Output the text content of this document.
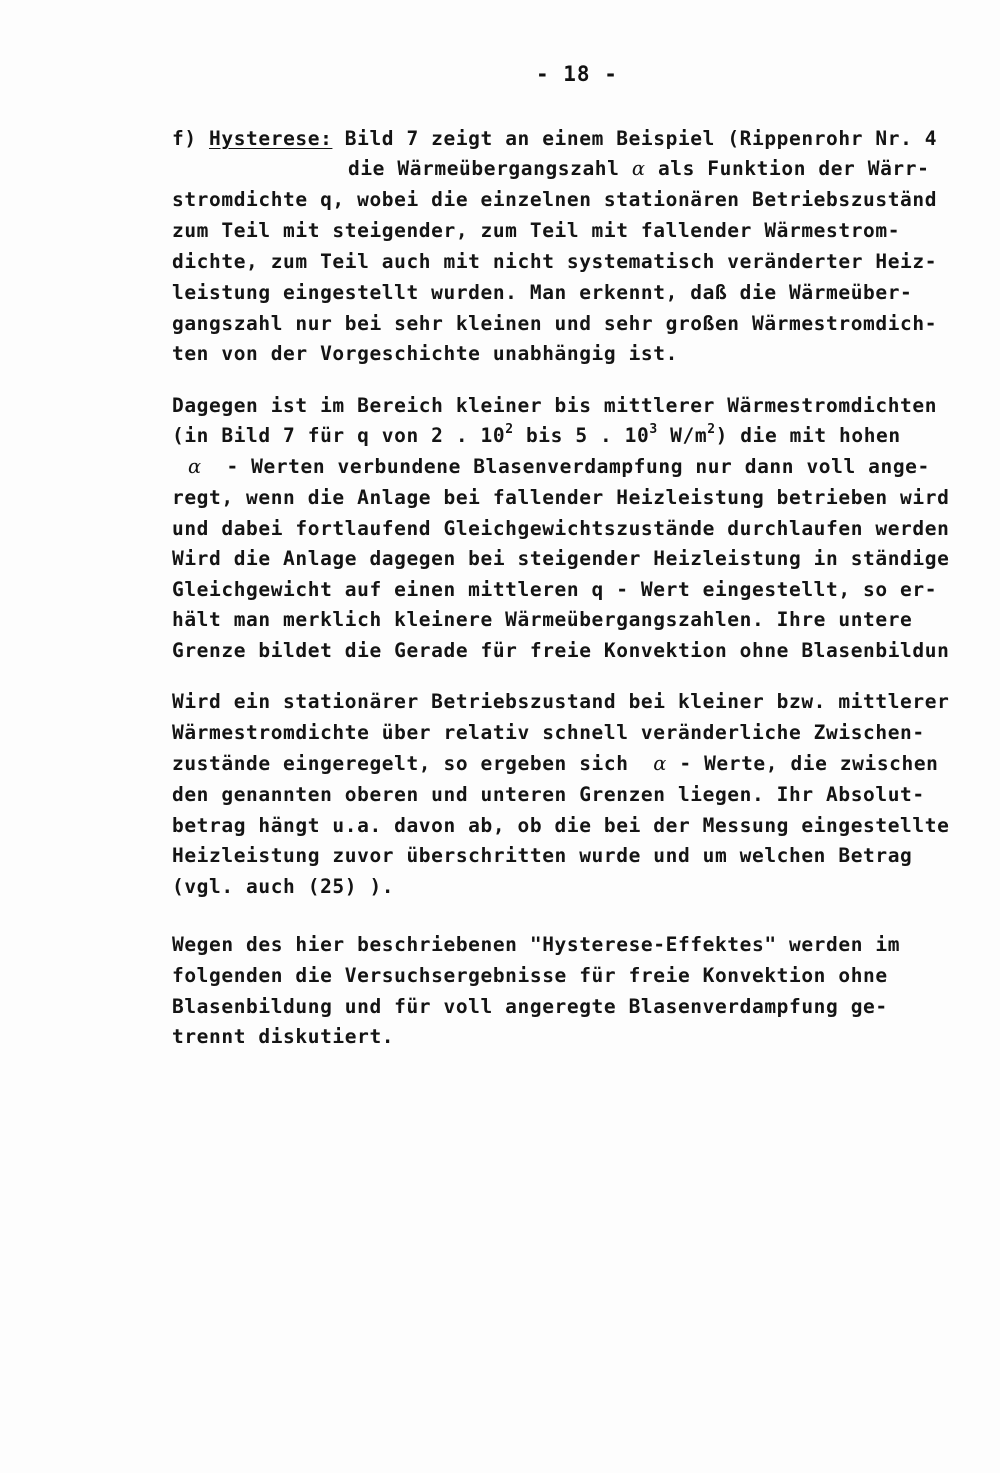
- 18 -
f) Hysterese: Bild 7 zeigt an einem Beispiel (Rippenrohr Nr. 4
die Wärmeübergangszahl α als Funktion der Wärr‑
stromdichte q, wobei die einzelnen stationären Betriebszuständ
zum Teil mit steigender, zum Teil mit fallender Wärmestrom-
dichte, zum Teil auch mit nicht systematisch veränderter Heiz-
leistung eingestellt wurden. Man erkennt, daß die Wärmeüber-
gangszahl nur bei sehr kleinen und sehr großen Wärmestromdich-
ten von der Vorgeschichte unabhängig ist.
Dagegen ist im Bereich kleiner bis mittlerer Wärmestromdichten
(in Bild 7 für q von 2 . $10^2$ bis 5 . $10^3$ $W/m^2$) die mit hohen
α  - Werten verbundene Blasenverdampfung nur dann voll ange-
regt, wenn die Anlage bei fallender Heizleistung betrieben wird
und dabei fortlaufend Gleichgewichtszustände durchlaufen werden
Wird die Anlage dagegen bei steigender Heizleistung in ständige
Gleichgewicht auf einen mittleren q - Wert eingestellt, so er-
hält man merklich kleinere Wärmeübergangszahlen. Ihre untere
Grenze bildet die Gerade für freie Konvektion ohne Blasenbildun
Wird ein stationärer Betriebszustand bei kleiner bzw. mittlerer
Wärmestromdichte über relativ schnell veränderliche Zwischen-
zustände eingeregelt, so ergeben sich  α - Werte, die zwischen
den genannten oberen und unteren Grenzen liegen. Ihr Absolut-
betrag hängt u.a. davon ab, ob die bei der Messung eingestellte
Heizleistung zuvor überschritten wurde und um welchen Betrag
(vgl. auch (25) ).
Wegen des hier beschriebenen "Hysterese-Effektes" werden im
folgenden die Versuchsergebnisse für freie Konvektion ohne
Blasenbildung und für voll angeregte Blasenverdampfung ge-
trennt diskutiert.
